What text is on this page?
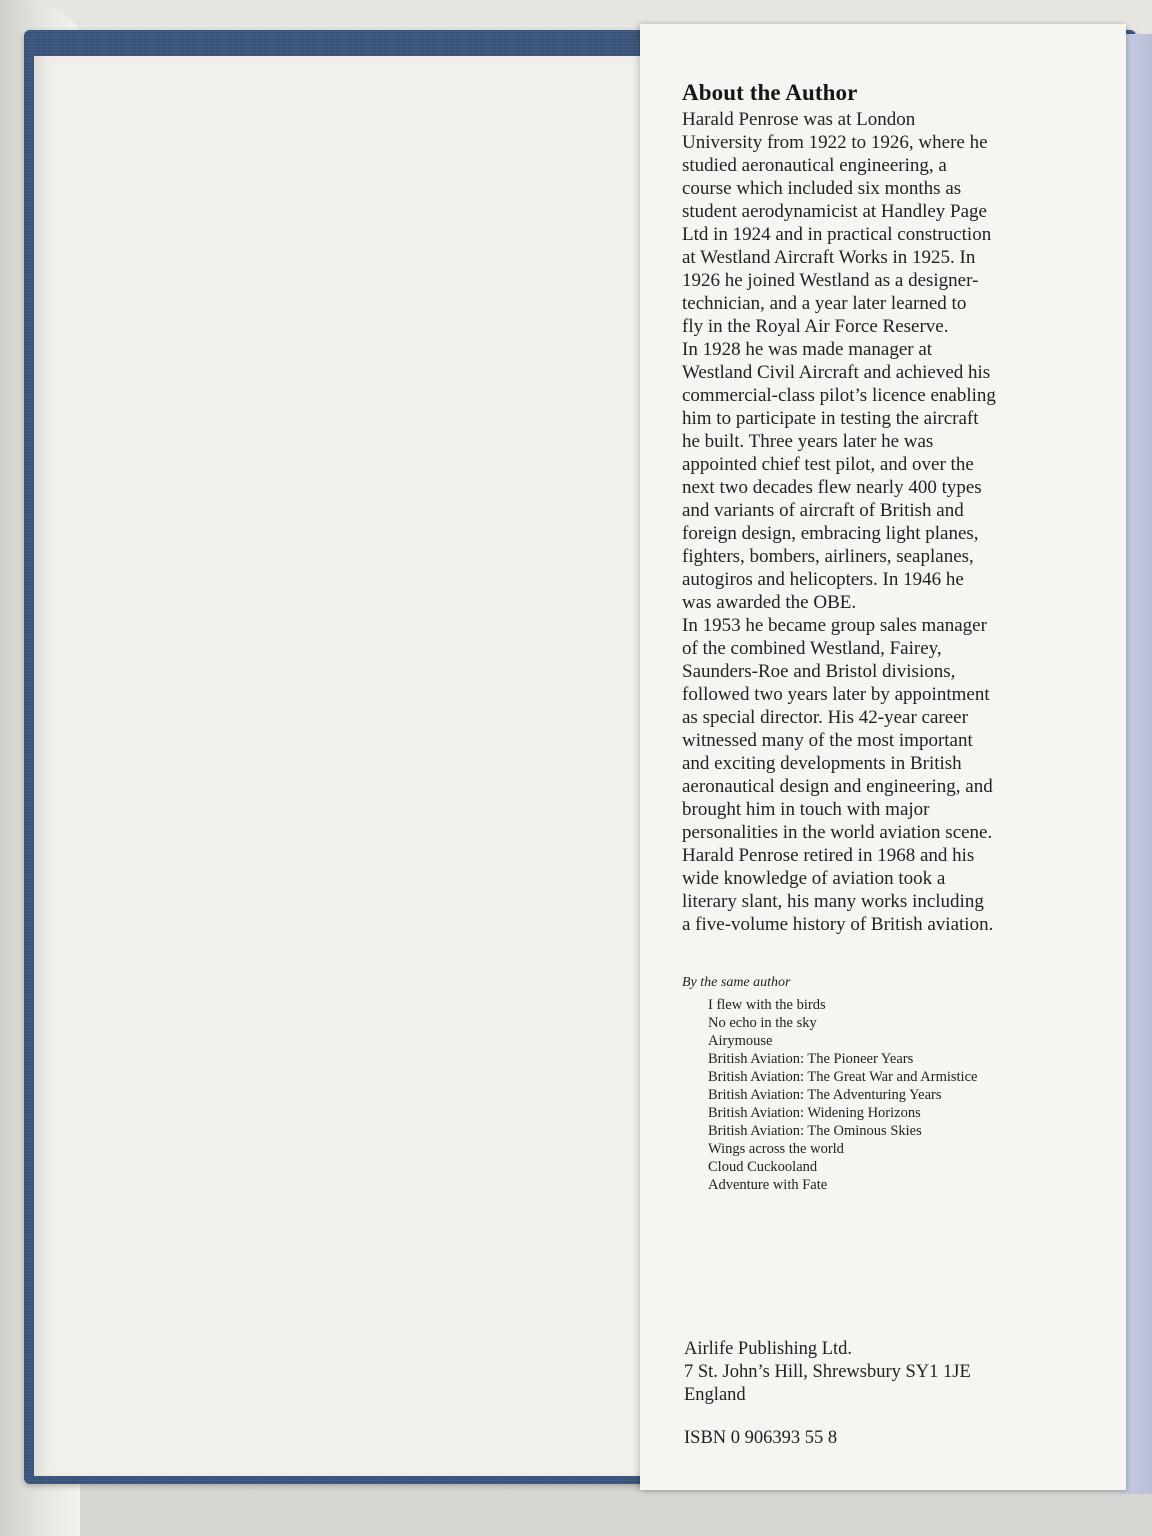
About the Author
Harald Penrose was at London
University from 1922 to 1926, where he
studied aeronautical engineering, a
course which included six months as
student aerodynamicist at Handley Page
Ltd in 1924 and in practical construction
at Westland Aircraft Works in 1925. In
1926 he joined Westland as a designer-
technician, and a year later learned to
fly in the Royal Air Force Reserve.
In 1928 he was made manager at
Westland Civil Aircraft and achieved his
commercial-class pilot’s licence enabling
him to participate in testing the aircraft
he built. Three years later he was
appointed chief test pilot, and over the
next two decades flew nearly 400 types
and variants of aircraft of British and
foreign design, embracing light planes,
fighters, bombers, airliners, seaplanes,
autogiros and helicopters. In 1946 he
was awarded the OBE.
In 1953 he became group sales manager
of the combined Westland, Fairey,
Saunders-Roe and Bristol divisions,
followed two years later by appointment
as special director. His 42-year career
witnessed many of the most important
and exciting developments in British
aeronautical design and engineering, and
brought him in touch with major
personalities in the world aviation scene.
Harald Penrose retired in 1968 and his
wide knowledge of aviation took a
literary slant, his many works including
a five-volume history of British aviation.
By the same author
I flew with the birds
No echo in the sky
Airymouse
British Aviation: The Pioneer Years
British Aviation: The Great War and Armistice
British Aviation: The Adventuring Years
British Aviation: Widening Horizons
British Aviation: The Ominous Skies
Wings across the world
Cloud Cuckooland
Adventure with Fate
Airlife Publishing Ltd.
7 St. John’s Hill, Shrewsbury SY1 1JE
England
ISBN 0 906393 55 8
